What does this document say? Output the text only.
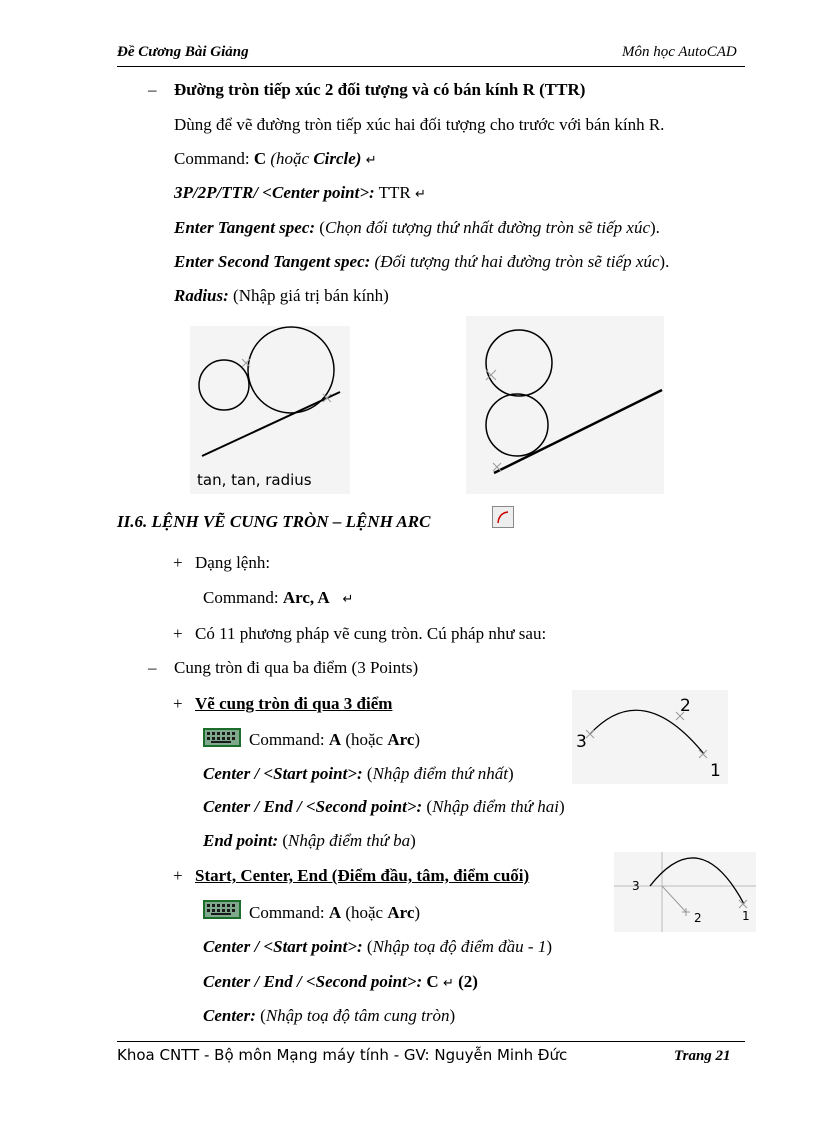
Đề Cương Bài Giảng	Môn học AutoCAD
– Đường tròn tiếp xúc 2 đối tượng và có bán kính R (TTR)
Dùng để vẽ đường tròn tiếp xúc hai đối tượng cho trước với bán kính R.
Command: C (hoặc Circle) ↵
3P/2P/TTR/ <Center point>: TTR ↵
Enter Tangent spec: (Chọn đối tượng thứ nhất đường tròn sẽ tiếp xúc).
Enter Second Tangent spec: (Đối tượng thứ hai đường tròn sẽ tiếp xúc).
Radius: (Nhập giá trị bán kính)
tan, tan, radius
II.6. LỆNH VẼ CUNG TRÒN – LỆNH ARC
+ Dạng lệnh:
Command: Arc, A ↵
+ Có 11 phương pháp vẽ cung tròn. Cú pháp như sau:
– Cung tròn đi qua ba điểm (3 Points)
+ Vẽ cung tròn đi qua 3 điểm
Command: A (hoặc Arc)
Center / <Start point>: (Nhập điểm thứ nhất)
Center / End / <Second point>: (Nhập điểm thứ hai)
End point: (Nhập điểm thứ ba)
1
2
3
+ Start, Center, End (Điểm đầu, tâm, điểm cuối)
Command: A (hoặc Arc)
Center / <Start point>: (Nhập toạ độ điểm đầu - 1)
Center / End / <Second point>: C ↵ (2)
Center: (Nhập toạ độ tâm cung tròn)
1
2
3
Khoa CNTT - Bộ môn Mạng máy tính - GV: Nguyễn Minh Đức	Trang 21
